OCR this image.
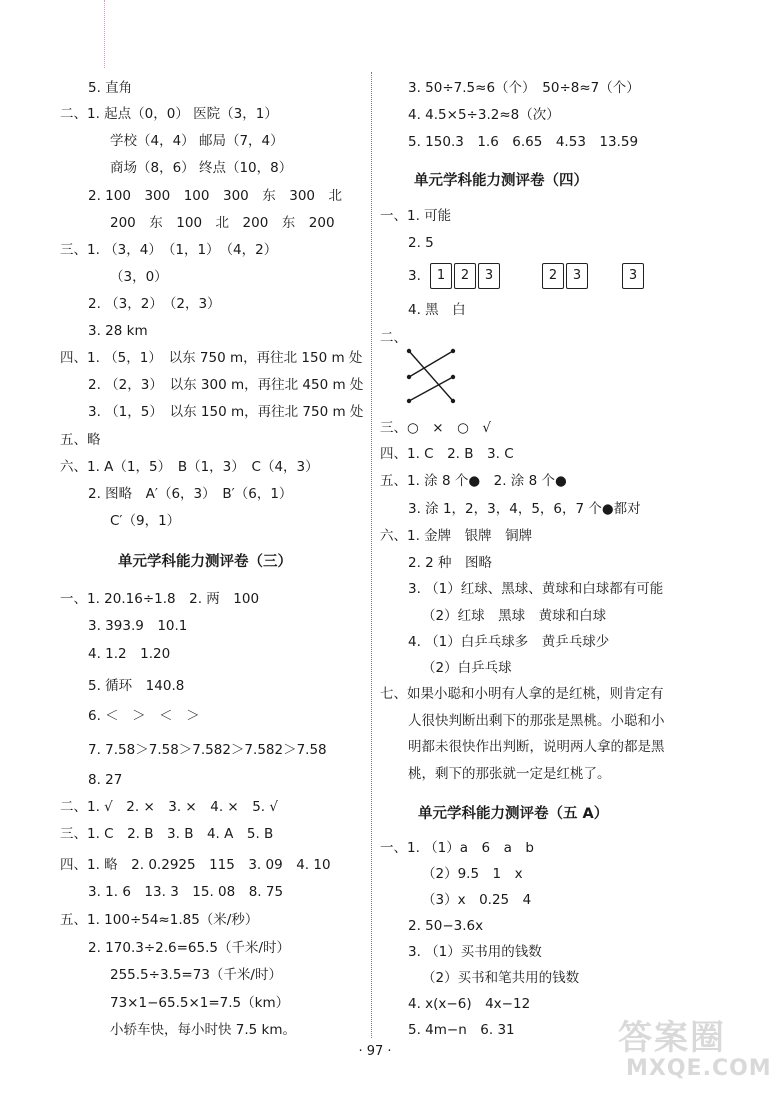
5. 直角
二、1. 起点（0，0） 医院（3，1）
学校（4，4） 邮局（7，4）
商场（8，6） 终点（10，8）
2. 100　300　100　300　东　300　北
200　东　100　北　200　东　200
三、1. （3，4）　（1，1）　（4，2）
（3，0）
2. （3，2）　（2，3）
3. 28 km
四、1. （5，1）　以东 750 m，再往北 150 m 处
2. （2，3）　以东 300 m，再往北 450 m 处
3. （1，5）　以东 150 m，再往北 750 m 处
五、略
六、1. A（1，5）　B（1，3）　C（4，3）
2. 图略　A′（6，3）　B′（6，1）
C′（9，1）
单元学科能力测评卷（三）
一、1. 20.16÷1.8　2. 两　100
3. 393.9　10.1
4. 1.2　1.20
5. 循环　140.8
6. ＜　＞　＜　＞
7. 7.58＞7.58＞7.582＞7.582＞7.58
8. 27
二、1. √　2. ×　3. ×　4. ×　5. √
三、1. C　2. B　3. B　4. A　5. B
四、1. 略　2. 0.2925　115　3. 09　4. 10
3. 1. 6　13. 3　15. 08　8. 75
五、1. 100÷54≈1.85（米/秒）
2. 170.3÷2.6=65.5（千米/时）
255.5÷3.5=73（千米/时）
73×1−65.5×1=7.5（km）
小轿车快，每小时快 7.5 km。
3. 50÷7.5≈6（个）　50÷8≈7（个）
4. 4.5×5÷3.2≈8（次）
5. 150.3　1.6　6.65　4.53　13.59
单元学科能力测评卷（四）
一、1. 可能
2. 5
3.	1	2	3	2	3	3
4. 黑　白
二、
三、○　×　○　√
四、1. C　2. B　3. C
五、1. 涂 8 个●　2. 涂 8 个●
3. 涂 1，2，3，4，5，6，7 个●都对
六、1. 金牌　银牌　铜牌
2. 2 种　图略
3. （1）红球、黑球、黄球和白球都有可能
（2）红球　黑球　黄球和白球
4. （1）白乒乓球多　黄乒乓球少
（2）白乒乓球
七、如果小聪和小明有人拿的是红桃，则肯定有
人很快判断出剩下的那张是黑桃。小聪和小
明都未很快作出判断，说明两人拿的都是黑
桃，剩下的那张就一定是红桃了。
单元学科能力测评卷（五 A）
一、1. （1）a　6　a　b
（2）9.5　1　x
（3）x　0.25　4
2. 50−3.6x
3. （1）买书用的钱数
（2）买书和笔共用的钱数
4. x(x−6)　4x−12
5. 4m−n　6. 31
· 97 ·	答案圈
MXQE.COM
